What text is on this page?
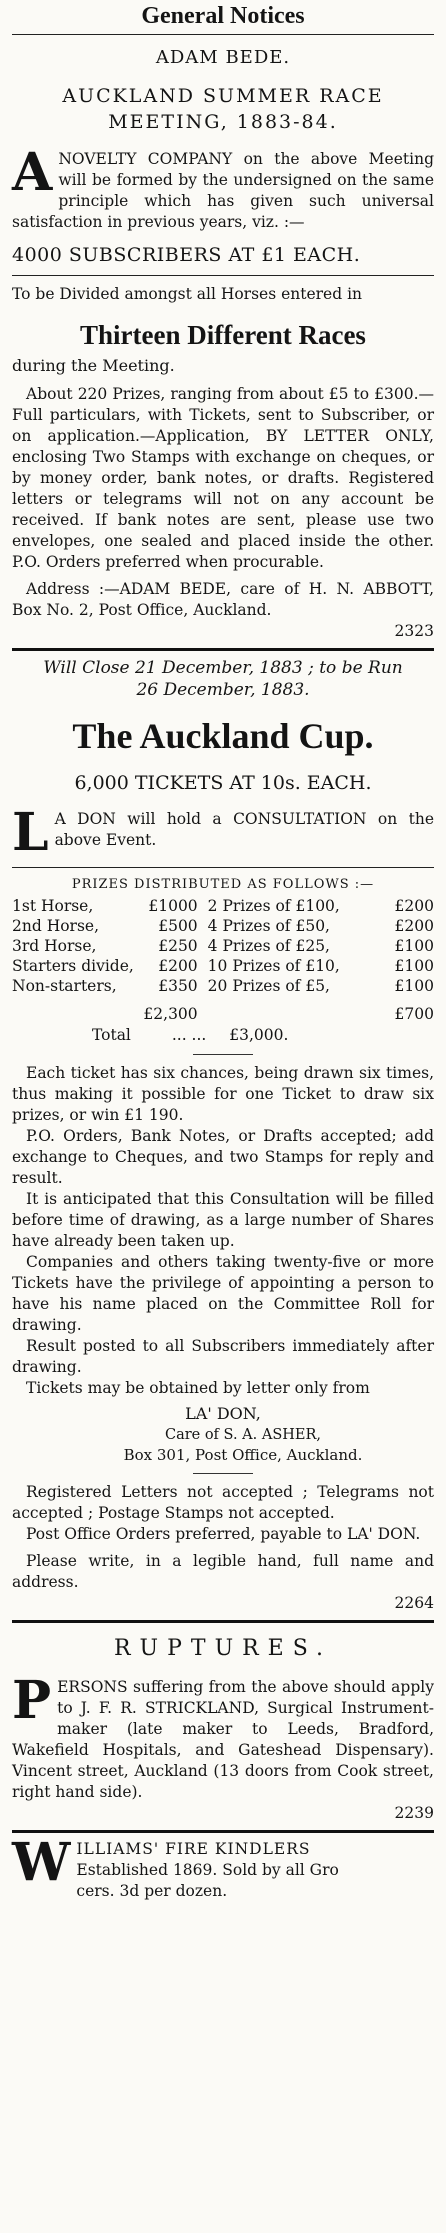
General Notices
ADAM BEDE.
AUCKLAND SUMMER RACE
MEETING, 1883-84.
A NOVELTY COMPANY on the above Meeting will be formed by the undersigned on the same principle which has given such universal satisfaction in previous years, viz. :—
4000 SUBSCRIBERS AT £1 EACH.
To be Divided amongst all Horses entered in
Thirteen Different Races
during the Meeting.
About 220 Prizes, ranging from about £5 to £300.—Full particulars, with Tickets, sent to Subscriber, or on application.—Application, BY LETTER ONLY, enclosing Two Stamps with exchange on cheques, or by money order, bank notes, or drafts. Registered letters or telegrams will not on any account be received. If bank notes are sent, please use two envelopes, one sealed and placed inside the other. P.O. Orders preferred when procurable.
Address :—ADAM BEDE, care of H. N. ABBOTT, Box No. 2, Post Office, Auckland.
2323
Will Close 21 December, 1883 ; to be Run
26 December, 1883.
The Auckland Cup.
6,000 TICKETS AT 10s. EACH.
L A DON will hold a CONSULTATION on the above Event.
PRIZES DISTRIBUTED AS FOLLOWS :—
1st Horse,	£1000	2 Prizes of £100,	£200
2nd Horse,	£500	4 Prizes of £50,	£200
3rd Horse,	£250	4 Prizes of £25,	£100
Starters divide,	£200	10 Prizes of £10,	£100
Non-starters,	£350	20 Prizes of £5,	£100
	£2,300		£700
Total	... ... £3,000.
Each ticket has six chances, being drawn six times, thus making it possible for one Ticket to draw six prizes, or win £1 190.
P.O. Orders, Bank Notes, or Drafts accepted; add exchange to Cheques, and two Stamps for reply and result.
It is anticipated that this Consultation will be filled before time of drawing, as a large number of Shares have already been taken up.
Companies and others taking twenty-five or more Tickets have the privilege of appointing a person to have his name placed on the Committee Roll for drawing.
Result posted to all Subscribers immediately after drawing.
Tickets may be obtained by letter only from
LA' DON,
Care of S. A. ASHER,
Box 301, Post Office, Auckland.
Registered Letters not accepted ; Telegrams not accepted ; Postage Stamps not accepted.
Post Office Orders preferred, payable to LA' DON.
Please write, in a legible hand, full name and address.
2264
RUPTURES.
P ERSONS suffering from the above should apply to J. F. R. STRICKLAND, Surgical Instrument-maker (late maker to Leeds, Bradford, Wakefield Hospitals, and Gateshead Dispensary). Vincent street, Auckland (13 doors from Cook street, right hand side).
2239
W ILLIAMS' FIRE KINDLERS
Established 1869. Sold by all Gro
cers. 3d per dozen.
